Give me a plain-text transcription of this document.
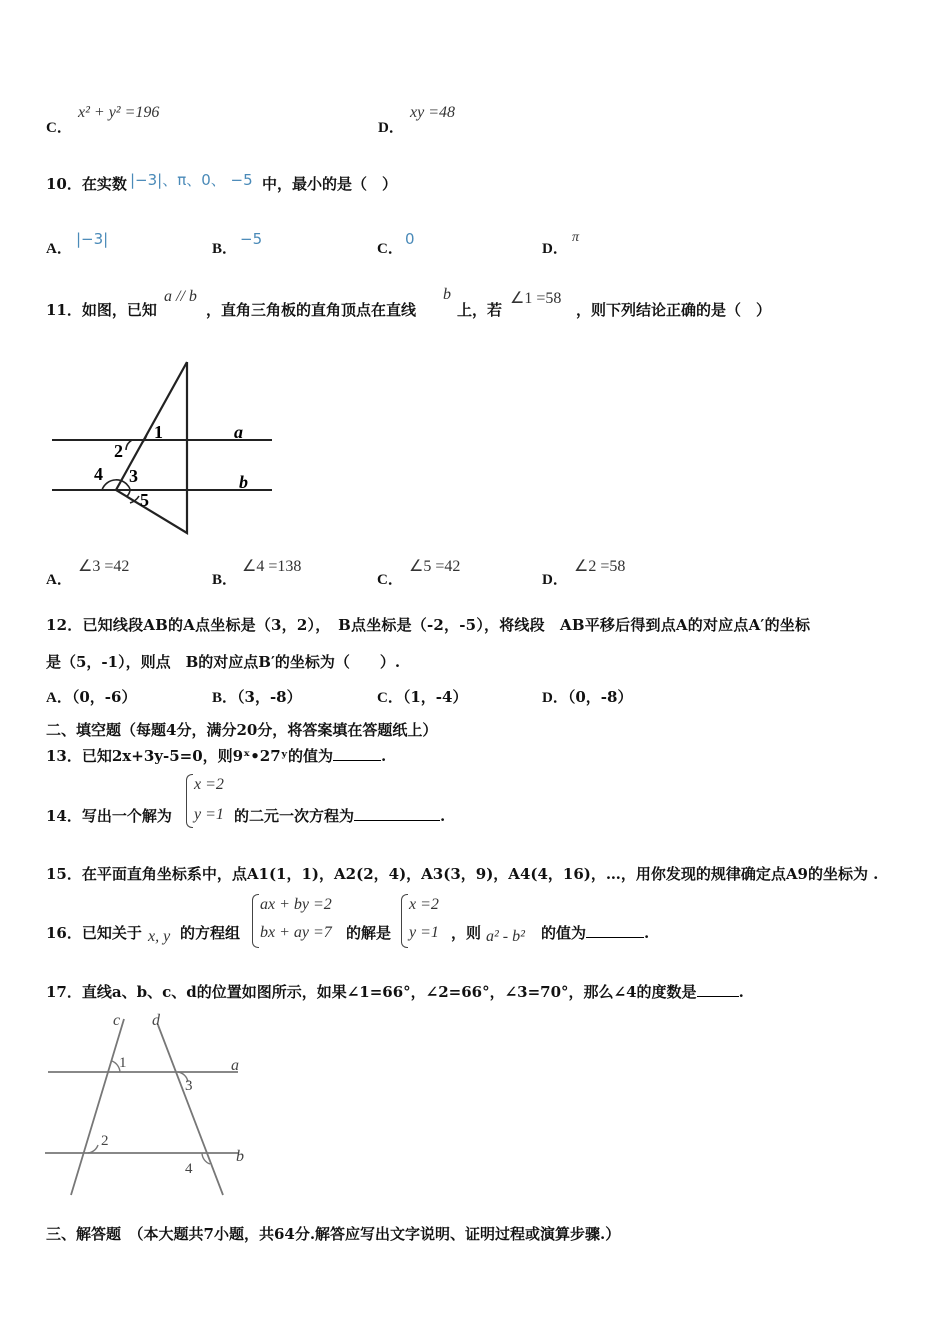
C．
x² + y² =196
D．
xy =48
10．在实数 |−3|、π、0、 −5 中，最小的是（　）
A．
|−3|
B．
−5
C．
0
D．
π
11．如图，已知
a // b
，直角三角板的直角顶点在直线
b
上，若
∠1 =58
，则下列结论正确的是（　）
1
2
3
4
5
a
b
A．
∠3 =42
B．
∠4 =138
C．
∠5 =42
D．
∠2 =58
12．已知线段AB的A点坐标是（3，2），　B点坐标是（-2，-5），将线段　AB平移后得到点A的对应点A′的坐标
是（5，-1），则点　B的对应点B′的坐标为（　　）.
A．（0，-6）	B．（3，-8）	C．（1，-4）	D．（0，-8）
二、填空题（每题4分，满分20分，将答案填在答题纸上）
13．已知2x+3y-5=0，则9ˣ•27ʸ的值为	.
14．写出一个解为
x =2
y =1 的二元一次方程为	.
15．在平面直角坐标系中，点A1(1，1)，A2(2，4)，A3(3，9)，A4(4，16)，…，用你发现的规律确定点A9的坐标为 .
16．已知关于 x, y 的方程组
ax + by =2
bx + ay =7 的解是
x =2
y =1 ，则 a² - b² 的值为	.
17．直线a、b、c、d的位置如图所示，如果∠1=66°，∠2=66°，∠3=70°，那么∠4的度数是	.
c d
a
b
1
2
3
4
三、解答题　（本大题共7小题，共64分.解答应写出文字说明、证明过程或演算步骤.）
